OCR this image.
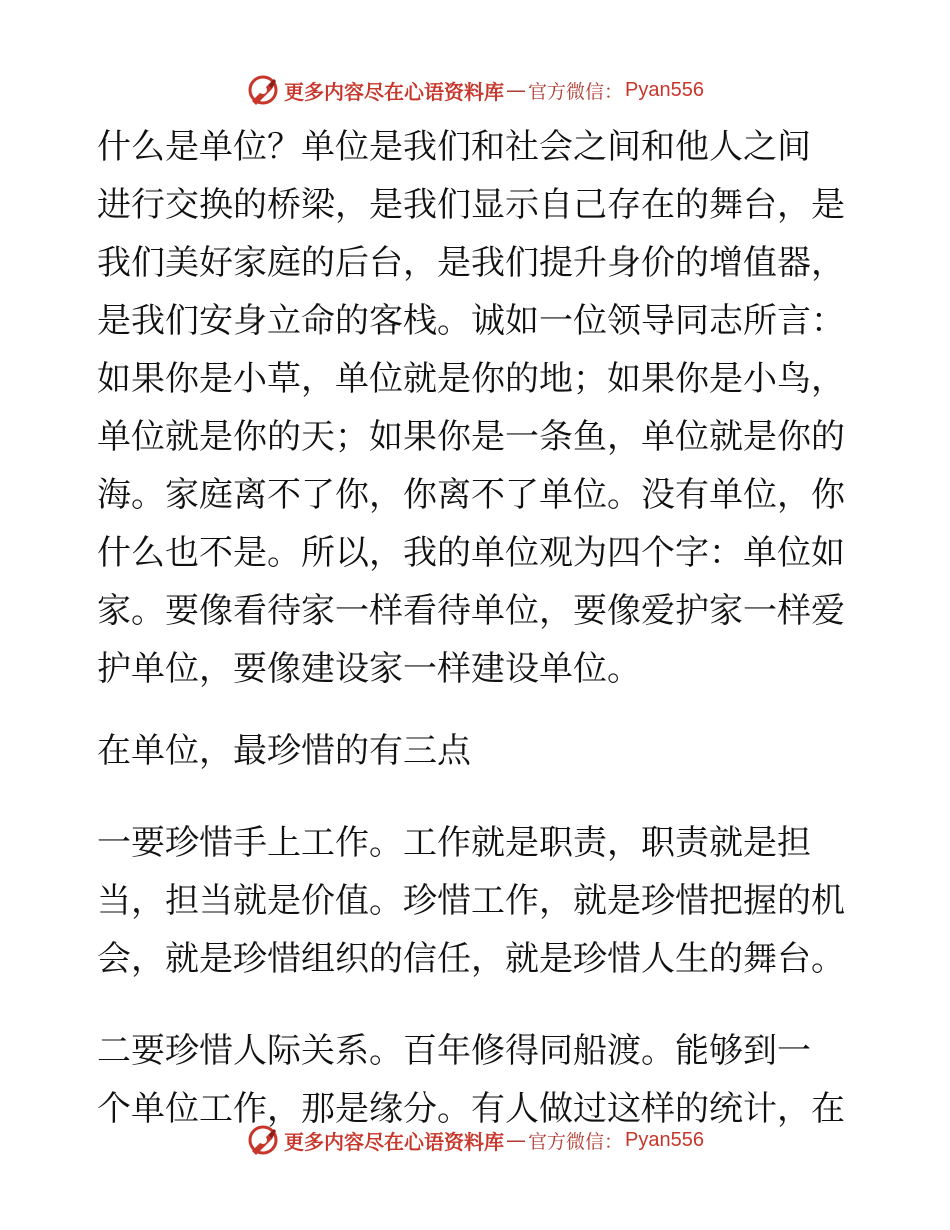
更多内容尽在心语资料库 — 官方微信： Pyan556
什么是单位？单位是我们和社会之间和他人之间
进行交换的桥梁，是我们显示自己存在的舞台，是
我们美好家庭的后台，是我们提升身价的增值器，
是我们安身立命的客栈。诚如一位领导同志所言：
如果你是小草，单位就是你的地；如果你是小鸟，
单位就是你的天；如果你是一条鱼，单位就是你的
海。家庭离不了你，你离不了单位。没有单位，你
什么也不是。所以，我的单位观为四个字：单位如
家。要像看待家一样看待单位，要像爱护家一样爱
护单位，要像建设家一样建设单位。
在单位，最珍惜的有三点
一要珍惜手上工作。工作就是职责，职责就是担
当，担当就是价值。珍惜工作，就是珍惜把握的机
会，就是珍惜组织的信任，就是珍惜人生的舞台。
二要珍惜人际关系。百年修得同船渡。能够到一
个单位工作，那是缘分。有人做过这样的统计，在
更多内容尽在心语资料库 — 官方微信： Pyan556
